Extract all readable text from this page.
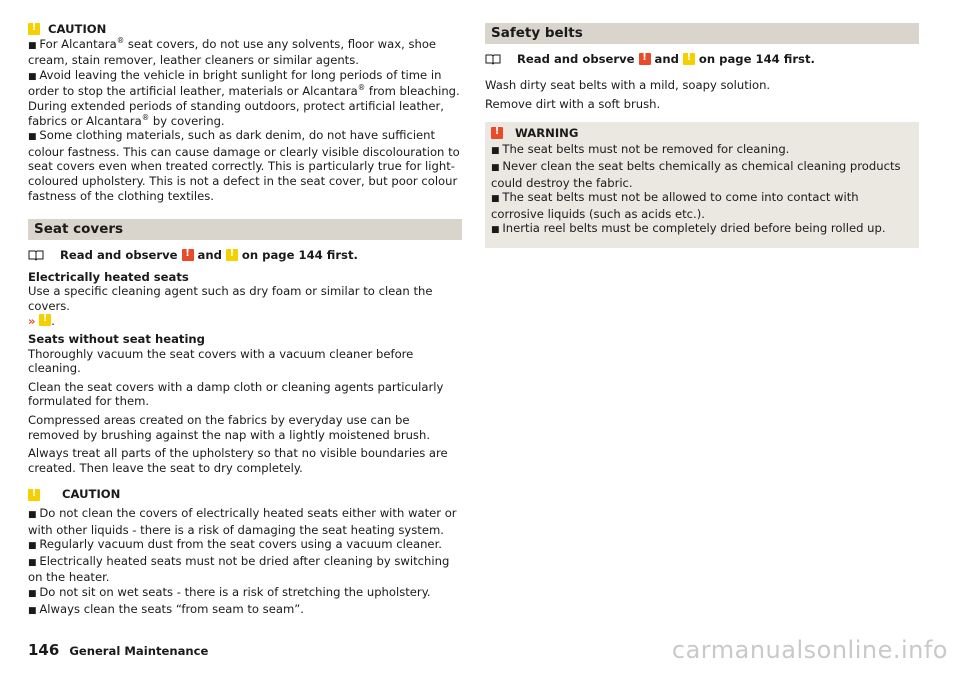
!
CAUTION

■ For Alcantara® seat covers, do not use any solvents, floor wax, shoe cream, stain remover, leather cleaners or similar agents.

■ Avoid leaving the vehicle in bright sunlight for long periods of time in order to stop the artificial leather, materials or Alcantara® from bleaching. During extended periods of standing outdoors, protect artificial leather, fabrics or Alcantara® by covering.

■ Some clothing materials, such as dark denim, do not have sufficient colour fastness. This can cause damage or clearly visible discolouration to seat covers even when treated correctly. This is particularly true for light-coloured upholstery. This is not a defect in the seat cover, but poor colour fastness of the clothing textiles.

Seat covers
Read and observe ! and ! on page 144 first.

Electrically heated seats

Use a specific cleaning agent such as dry foam or similar to clean the covers.

» ! .

Seats without seat heating

Thoroughly vacuum the seat covers with a vacuum cleaner before cleaning.

Clean the seat covers with a damp cloth or cleaning agents particularly formulated for them.

Compressed areas created on the fabrics by everyday use can be removed by brushing against the nap with a lightly moistened brush.

Always treat all parts of the upholstery so that no visible boundaries are created. Then leave the seat to dry completely.

!
CAUTION

■ Do not clean the covers of electrically heated seats either with water or with other liquids - there is a risk of damaging the seat heating system.

■ Regularly vacuum dust from the seat covers using a vacuum cleaner.

■ Electrically heated seats must not be dried after cleaning by switching on the heater.

■ Do not sit on wet seats - there is a risk of stretching the upholstery.

■ Always clean the seats “from seam to seam”.

Safety belts
Read and observe ! and ! on page 144 first.

Wash dirty seat belts with a mild, soapy solution.

Remove dirt with a soft brush.

!
WARNING

■ The seat belts must not be removed for cleaning.

■ Never clean the seat belts chemically as chemical cleaning products could destroy the fabric.

■ The seat belts must not be allowed to come into contact with corrosive liquids (such as acids etc.).

■ Inertia reel belts must be completely dried before being rolled up.

146 General Maintenance	carmanualsonline.info
